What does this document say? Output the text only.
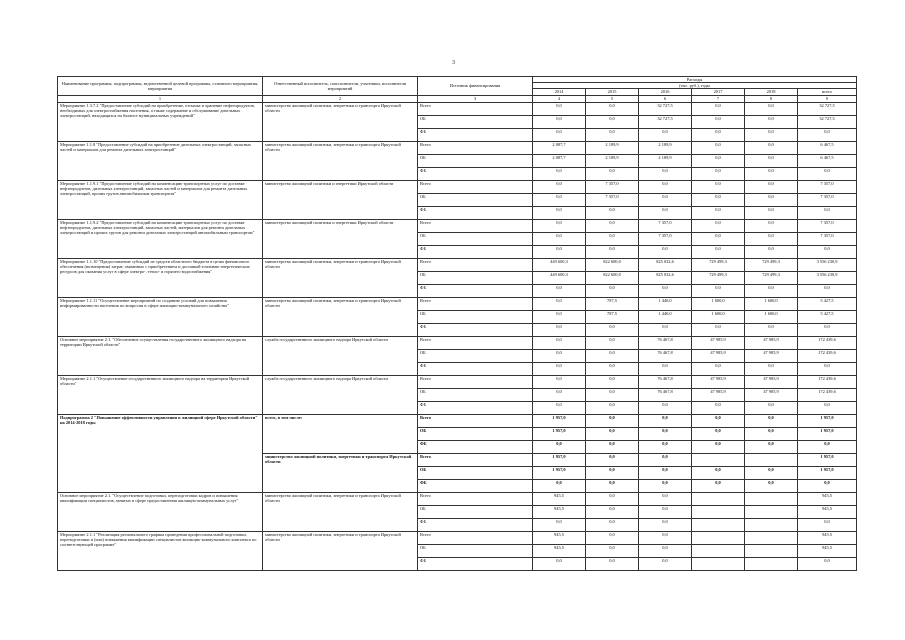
3
Наименование программы, подпрограммы, ведомственной целевой программы, основного мероприятия, мероприятия	Ответственный исполнитель, соисполнители, участники, исполнители мероприятий	Источник финансирования	Расходы					
			(тыс. руб.), годы					
			2014	2015	2016	2017	2018	всего
1	2	3	4	5	6	7	8	9
Мероприятие 1.3.7.2 "Предоставление субсидий на приобретение, отсыпка и хранение нефтепродуктов, необходимых для электроснабжения населения, а также содержание и обслуживание дизельных электростанций, находящихся на балансе муниципальных учреждений"	министерство жилищной политики, энергетики и транспорта Иркутской области	Всего	0,0	0,0	32 727,5	0,0	0,0	32 727,5
		ОБ	0,0	0,0	32 727,5	0,0	0,0	32 727,5
		ФБ	0,0	0,0	0,0	0,0	0,0	0,0
Мероприятие 1.1.8 "Предоставление субсидий на приобретение дизельных электростанций, запасных частей и материалов для ремонта дизельных электростанций"	министерство жилищной политики, энергетики и транспорта Иркутской области	Всего	2 087,7	2 189,9	2 189,9	0,0	0,0	6 467,5
		ОБ	2 087,7	2 189,9	2 189,9	0,0	0,0	6 467,5
		ФБ	0,0	0,0	0,0	0,0	0,0	0,0
Мероприятие 1.1.9.1 "Предоставление субсидий на компенсацию транспортных услуг по доставке нефтепродуктов, дизельных электростанций, запасных частей и материалов для ремонта дизельных электростанций, прочих грузов автомобильным транспортом"	министерство жилищной политики и энергетики Иркутской области	Всего	0,0	7 357,0	0,0	0,0	0,0	7 357,0
		ОБ	0,0	7 357,0	0,0	0,0	0,0	7 357,0
		ФБ	0,0	0,0	0,0	0,0	0,0	0,0
Мероприятие 1.1.9.2 "Предоставление субсидий на компенсацию транспортных услуг по доставке нефтепродуктов, дизельных электростанций, запасных частей, материалов для ремонта дизельных электростанций и прочих грузов для ремонта дизельных электростанций автомобильным транспортом"	министерство жилищной политики и энергетики Иркутской области	Всего	0,0	0,0	7 357,0	0,0	0,0	7 357,0
		ОБ	0,0	0,0	7 357,0	0,0	0,0	7 357,0
		ФБ	0,0	0,0	0,0	0,0	0,0	0,0
Мероприятие 1.1.10 "Предоставление субсидий из средств областного бюджета в целях финансового обеспечения (возмещения) затрат, связанных с приобретением и доставкой топливно-энергетических ресурсов для оказания услуг в сфере электро-, тепло- и горячего водоснабжения"	министерство жилищной политики, энергетики и транспорта Иркутской области	Всего	449 600,3	822 600,0	825 032,6	729 499,3	729 499,3	3 556 230,9
		ОБ	449 600,3	822 600,0	825 032,6	729 499,3	729 499,3	3 556 230,9
		ФБ	0,0	0,0	0,0	0,0	0,0	0,0
Мероприятие 1.1.11 "Осуществление мероприятий по созданию условий для повышения информированности населения по вопросам в сфере жилищно-коммунального хозяйства"	министерство жилищной политики, энергетики и транспорта Иркутской области	Всего	0,0	787,5	1 440,0	1 600,0	1 600,0	5 427,5
		ОБ	0,0	787,5	1 440,0	1 600,0	1 600,0	5 427,5
		ФБ	0,0	0,0	0,0	0,0	0,0	0,0
Основное мероприятие 2.1. "Обеспечение осуществления государственного жилищного надзора на территории Иркутской области"	служба государственного жилищного надзора Иркутской области	Всего	0,0	0,0	76 467,8	47 985,9	47 985,9	172 439,6
		ОБ	0,0	0,0	76 467,8	47 985,9	47 985,9	172 439,6
		ФБ	0,0	0,0	0,0	0,0	0,0	0,0
Мероприятие 2.1.1 "Осуществление государственного жилищного надзора на территории Иркутской области"	служба государственного жилищного надзора Иркутской области	Всего	0,0	0,0	76 467,8	47 985,9	47 985,9	172 439,6
		ОБ	0,0	0,0	76 467,8	47 985,9	47 985,9	172 439,6
		ФБ	0,0	0,0	0,0	0,0	0,0	0,0
Подпрограмма 2 "Повышение эффективности управления в жилищной сфере Иркутской области" на 2014-2018 годы	всего, в том числе:	Всего	1 957,0	0,0	0,0	0,0	0,0	1 957,0
		ОБ	1 957,0	0,0	0,0	0,0	0,0	1 957,0
		ФБ	0,0	0,0	0,0	0,0	0,0	0,0
	министерство жилищной политики, энергетики и транспорта Иркутской области	Всего	1 957,0	0,0	0,0			1 957,0
		ОБ	1 957,0	0,0	0,0	0,0	0,0	1 957,0
		ФБ	0,0	0,0	0,0	0,0	0,0	0,0
Основное мероприятие 2.1. "Осуществление подготовки, переподготовки кадров и повышения квалификации специалистов, занятых в сфере предоставления жилищно-коммунальных услуг"	министерство жилищной политики, энергетики и транспорта Иркутской области	Всего	945,5	0,0	0,0			945,5
		ОБ	945,5	0,0	0,0			945,5
		ФБ	0,0	0,0	0,0			0,0
Мероприятие 2.1.1 "Реализация регионального графика проведения профессиональной подготовки, переподготовки и (или) повышения квалификации специалистов жилищно-коммунального комплекса по соответствующей программе"	министерство жилищной политики, энергетики и транспорта Иркутской области	Всего	945,5	0,0	0,0			945,5
		ОБ	945,5	0,0	0,0			945,5
		ФБ	0,0	0,0	0,0			0,0
